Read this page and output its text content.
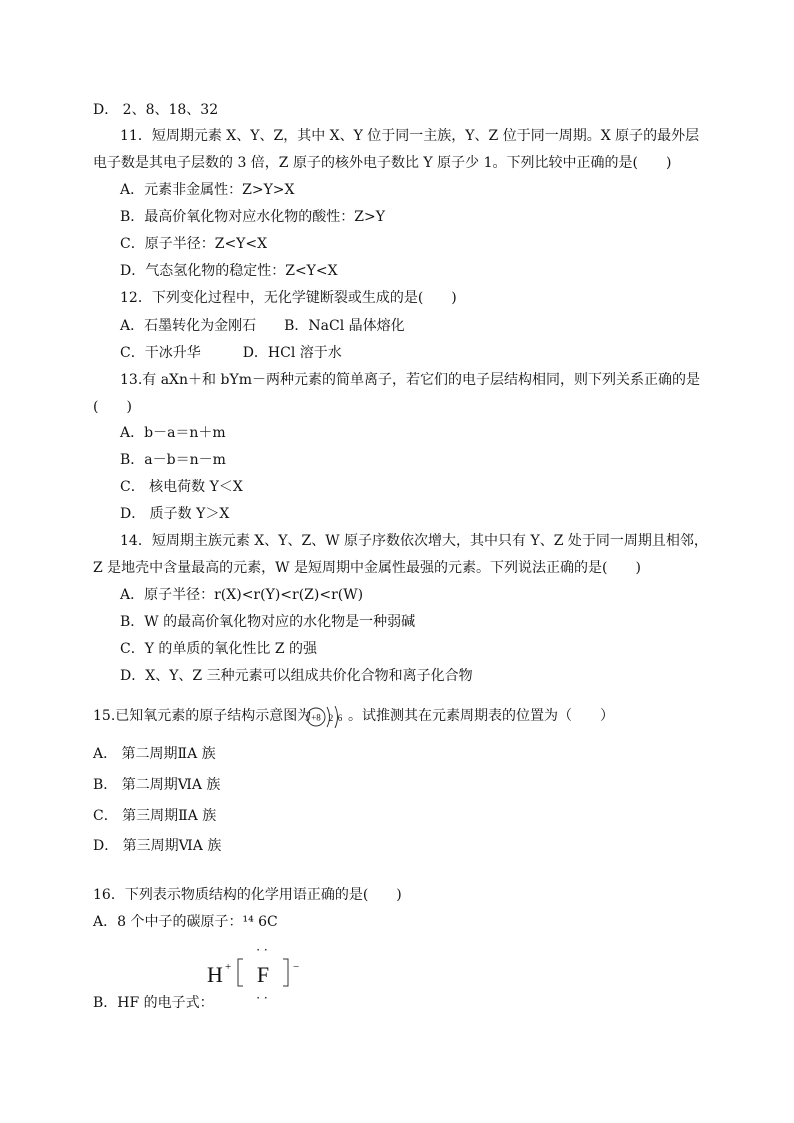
D． 2、8、18、32
11．短周期元素 X、Y、Z，其中 X、Y 位于同一主族，Y、Z 位于同一周期。X 原子的最外层
电子数是其电子层数的 3 倍，Z 原子的核外电子数比 Y 原子少 1。下列比较中正确的是(　　)
A．元素非金属性：Z>Y>X
B．最高价氧化物对应水化物的酸性：Z>Y
C．原子半径：Z<Y<X
D．气态氢化物的稳定性：Z<Y<X
12．下列变化过程中，无化学键断裂或生成的是(　　)
A．石墨转化为金刚石　　B．NaCl 晶体熔化
C．干冰升华　　　D．HCl 溶于水
13.有 aXn＋和 bYm－两种元素的简单离子，若它们的电子层结构相同，则下列关系正确的是
(　　)
A．b－a＝n＋m
B．a－b＝n－m
C． 核电荷数 Y＜X
D． 质子数 Y＞X
14．短周期主族元素 X、Y、Z、W 原子序数依次增大，其中只有 Y、Z 处于同一周期且相邻，
Z 是地壳中含量最高的元素，W 是短周期中金属性最强的元素。下列说法正确的是(　　)
A．原子半径：r(X)<r(Y)<r(Z)<r(W)
B．W 的最高价氧化物对应的水化物是一种弱碱
C．Y 的单质的氧化性比 Z 的强
D．X、Y、Z 三种元素可以组成共价化合物和离子化合物
15.已知氧元素的原子结构示意图为 +8 2 6 。试推测其在元素周期表的位置为（　　）
A． 第二周期ⅡA 族
B． 第二周期ⅥA 族
C． 第三周期ⅡA 族
D． 第三周期ⅥA 族
16．下列表示物质结构的化学用语正确的是(　　)
A．8 个中子的碳原子：¹⁴ 6C
H +
· ·
F
· ·
−
B．HF 的电子式：
